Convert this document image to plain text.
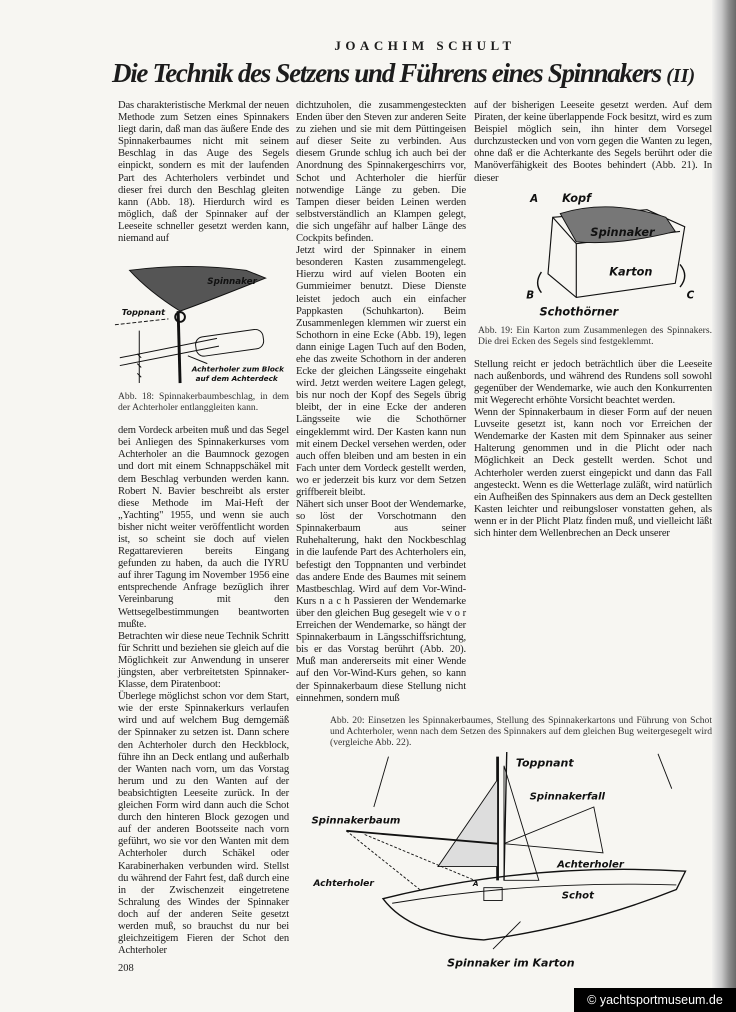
JOACHIM SCHULT
Die Technik des Setzens und Führens eines Spinnakers (II)

Das charakteristische Merkmal der neuen Methode zum Setzen eines Spinnakers liegt darin, daß man das äußere Ende des Spinnakerbaumes nicht mit seinem Beschlag in das Auge des Segels einpickt, sondern es mit der laufenden Part des Achterholers verbindet und dieser frei durch den Beschlag gleiten kann (Abb. 18). Hierdurch wird es möglich, daß der Spinnaker auf der Leeseite schneller gesetzt werden kann, niemand auf

Spinnaker
Toppnant
Achterholer zum Block
auf dem Achterdeck
Abb. 18: Spinnakerbaumbeschlag, in dem der Achterholer entlanggleiten kann.

dem Vordeck arbeiten muß und das Segel bei Anliegen des Spinnakerkurses vom Achterholer an die Baumnock gezogen und dort mit einem Schnappschäkel mit dem Beschlag verbunden werden kann. Robert N. Bavier beschreibt als erster diese Methode im Mai-Heft der „Yachting" 1955, und wenn sie auch bisher nicht weiter veröffentlicht worden ist, so scheint sie doch auf vielen Regattarevieren bereits Eingang gefunden zu haben, da auch die IYRU auf ihrer Tagung im November 1956 eine entsprechende Anfrage bezüglich ihrer Vereinbarung mit den Wettsegelbestimmungen beantworten mußte.

Betrachten wir diese neue Technik Schritt für Schritt und beziehen sie gleich auf die Möglichkeit zur Anwendung in unserer jüngsten, aber verbreitetsten Spinnaker-Klasse, dem Piratenboot:

Überlege möglichst schon vor dem Start, wie der erste Spinnakerkurs verlaufen wird und auf welchem Bug demgemäß der Spinnaker zu setzen ist. Dann schere den Achterholer durch den Heckblock, führe ihn an Deck entlang und außerhalb der Wanten nach vorn, um das Vorstag herum und zu den Wanten auf der beabsichtigten Leeseite zurück. In der gleichen Form wird dann auch die Schot durch den hinteren Block gezogen und auf der anderen Bootsseite nach vorn geführt, wo sie vor den Wanten mit dem Achterholer durch Schäkel oder Karabinerhaken verbunden wird. Stellst du während der Fahrt fest, daß durch eine in der Zwischenzeit eingetretene Schralung des Windes der Spinnaker doch auf der anderen Seite gesetzt werden muß, so brauchst du nur bei gleichzeitigem Fieren der Schot den Achterholer

208

dichtzuholen, die zusammengesteckten Enden über den Steven zur anderen Seite zu ziehen und sie mit dem Püttingeisen auf dieser Seite zu verbinden. Aus diesem Grunde schlug ich auch bei der Anordnung des Spinnakergeschirrs vor, Schot und Achterholer die hierfür notwendige Länge zu geben. Die Tampen dieser beiden Leinen werden selbstverständlich an Klampen gelegt, die sich ungefähr auf halber Länge des Cockpits befinden.

Jetzt wird der Spinnaker in einem besonderen Kasten zusammengelegt. Hierzu wird auf vielen Booten ein Gummieimer benutzt. Diese Dienste leistet jedoch auch ein einfacher Pappkasten (Schuhkarton). Beim Zusammenlegen klemmen wir zuerst ein Schothorn in eine Ecke (Abb. 19), legen dann einige Lagen Tuch auf den Boden, ehe das zweite Schothorn in der anderen Ecke der gleichen Längsseite eingehakt wird. Jetzt werden weitere Lagen gelegt, bis nur noch der Kopf des Segels übrig bleibt, der in eine Ecke der anderen Längsseite wie die Schothörner eingeklemmt wird. Der Kasten kann nun mit einem Deckel versehen werden, oder auch offen bleiben und am besten in ein Fach unter dem Vordeck gestellt werden, wo er jederzeit bis kurz vor dem Setzen griffbereit bleibt.

Nähert sich unser Boot der Wendemarke, so löst der Vorschotmann den Spinnakerbaum aus seiner Ruhehalterung, hakt den Nockbeschlag in die laufende Part des Achterholers ein, befestigt den Toppnanten und verbindet das andere Ende des Baumes mit seinem Mastbeschlag. Wird auf dem Vor-Wind-Kurs n a c h Passieren der Wendemarke über den gleichen Bug gesegelt wie v o r Erreichen der Wendemarke, so hängt der Spinnakerbaum in Längsschiffsrichtung, bis er das Vorstag berührt (Abb. 20). Muß man andererseits mit einer Wende auf den Vor-Wind-Kurs gehen, so kann der Spinnakerbaum diese Stellung nicht einnehmen, sondern muß

auf der bisherigen Leeseite gesetzt werden. Auf dem Piraten, der keine überlappende Fock besitzt, wird es zum Beispiel möglich sein, ihn hinter dem Vorsegel durchzustecken und von vorn gegen die Wanten zu legen, ohne daß er die Achterkante des Segels berührt oder die Manöverfähigkeit des Bootes behindert (Abb. 21). In dieser

A Kopf
Spinnaker
Karton
B	C
Schothörner
Abb. 19: Ein Karton zum Zusammenlegen des Spinnakers. Die drei Ecken des Segels sind festgeklemmt.

Stellung reicht er jedoch beträchtlich über die Leeseite nach außenbords, und während des Rundens soll sowohl gegenüber der Wendemarke, wie auch den Konkurrenten mit Wegerecht erhöhte Vorsicht beachtet werden.

Wenn der Spinnakerbaum in dieser Form auf der neuen Luvseite gesetzt ist, kann noch vor Erreichen der Wendemarke der Kasten mit dem Spinnaker aus seiner Halterung genommen und in die Plicht oder nach Möglichkeit an Deck gestellt werden. Schot und Achterholer werden zuerst eingepickt und dann das Fall angesteckt. Wenn es die Wetterlage zuläßt, wird natürlich ein Aufheißen des Spinnakers aus dem an Deck gestellten Kasten leichter und reibungsloser vonstatten gehen, als wenn er in der Plicht Platz finden muß, und vielleicht läßt sich hinter dem Wellenbrechen an Deck unserer

Abb. 20: Einsetzen les Spinnakerbaumes, Stellung des Spinnakerkartons und Führung von Schot und Achterholer, wenn nach dem Setzen des Spinnakers auf dem gleichen Bug weitergesegelt wird (vergleiche Abb. 22).
Toppnant
Spinnakerfall
Spinnakerbaum
Achterholer
Achterholer
Schot
A
Spinnaker im Karton
© yachtsportmuseum.de
